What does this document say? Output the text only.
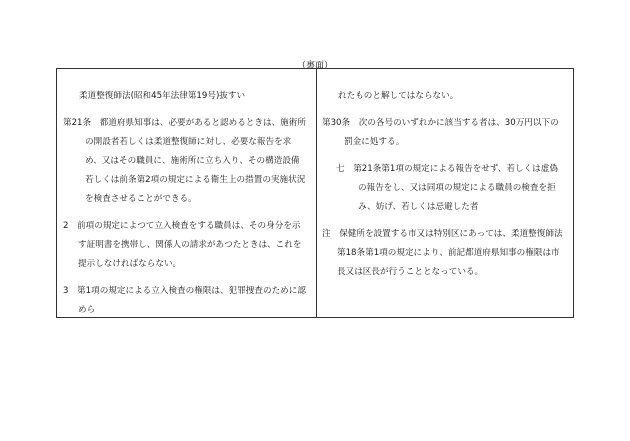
（裏面）

柔道整復師法(昭和45年法律第19号)抜すい

第21条　都道府県知事は、必要があると認めるときは、施術所の開設者若しくは柔道整復師に対し、必要な報告を求め、又はその職員に、施術所に立ち入り、その構造設備若しくは前条第2項の規定による衛生上の措置の実施状況を検査させることができる。

2　前項の規定によつて立入検査をする職員は、その身分を示す証明書を携帯し、関係人の請求があつたときは、これを提示しなければならない。

3　第1項の規定による立入検査の権限は、犯罪捜査のために認めら

れたものと解してはならない。

第30条　次の各号のいずれかに該当する者は、30万円以下の罰金に処する。

七　第21条第1項の規定による報告をせず、若しくは虚偽の報告をし、又は同項の規定による職員の検査を拒み、妨げ、若しくは忌避した者

注　保健所を設置する市又は特別区にあっては、柔道整復師法第18条第1項の規定により、前記都道府県知事の権限は市長又は区長が行うこととなっている。
